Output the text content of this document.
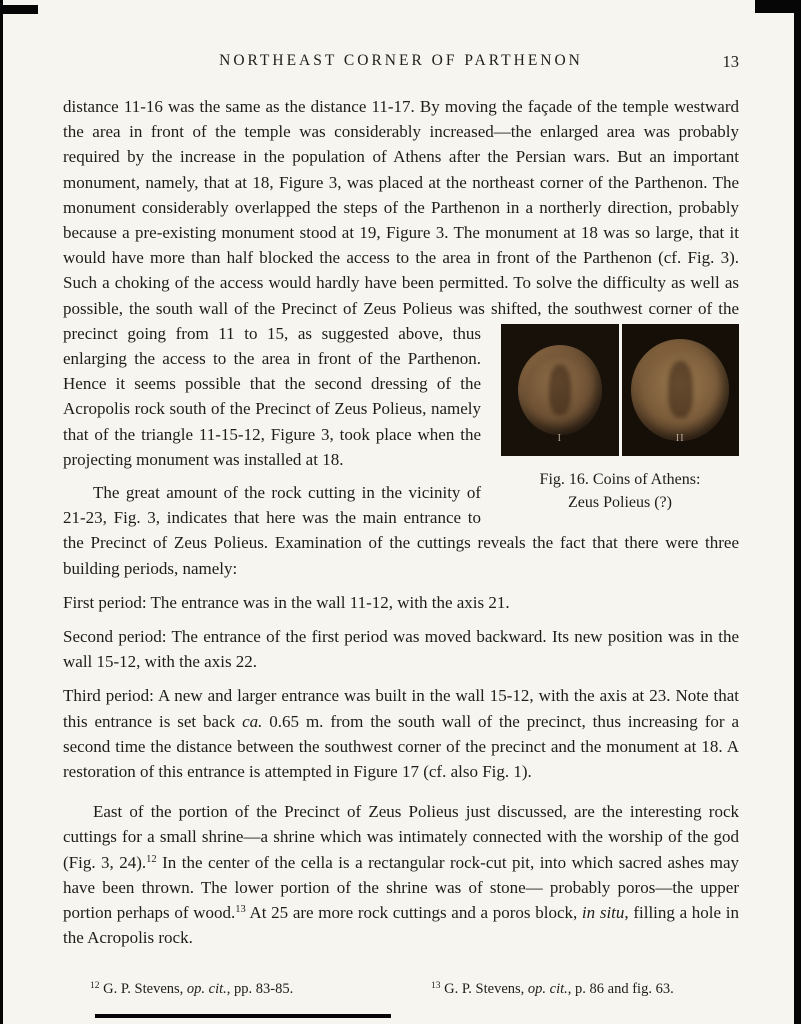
NORTHEAST CORNER OF PARTHENON	13

distance 11-16 was the same as the distance 11-17. By moving the façade of the temple westward the area in front of the temple was considerably increased—the enlarged area was probably required by the increase in the population of Athens after the Persian wars. But an important monument, namely, that at 18, Figure 3, was placed at the northeast corner of the Parthenon. The monument considerably overlapped the steps of the Parthenon in a northerly direction, probably because a pre-existing monument stood at 19, Figure 3. The monument at 18 was so large, that it would have more than half blocked the access to the area in front of the Parthenon (cf. Fig. 3). Such a choking of the access would hardly have been permitted. To solve the difficulty as well as possible, the south wall of the Precinct of Zeus Polieus was shifted, the southwest corner of the precinct going from 11 to 15, as suggested above,
I	II
Fig. 16. Coins of Athens:
Zeus Polieus (?)
thus enlarging the access to the area in front of the Parthenon. Hence it seems possible that the second dressing of the Acropolis rock south of the Precinct of Zeus Polieus, namely that of the triangle 11-15-12, Figure 3, took place when the projecting monument was installed at 18.

The great amount of the rock cutting in the vicinity of 21-23, Fig. 3, indicates that here was the main entrance to the Precinct of Zeus Polieus. Examination of the cuttings reveals the fact that there were three building periods, namely:

First period: The entrance was in the wall 11-12, with the axis 21.

Second period: The entrance of the first period was moved backward. Its new position was in the wall 15-12, with the axis 22.

Third period: A new and larger entrance was built in the wall 15-12, with the axis at 23. Note that this entrance is set back ca. 0.65 m. from the south wall of the precinct, thus increasing for a second time the distance between the southwest corner of the precinct and the monument at 18. A restoration of this entrance is attempted in Figure 17 (cf. also Fig. 1).

East of the portion of the Precinct of Zeus Polieus just discussed, are the interesting rock cuttings for a small shrine—a shrine which was intimately connected with the worship of the god (Fig. 3, 24).$^{12}$ In the center of the cella is a rectangular rock-cut pit, into which sacred ashes may have been thrown. The lower portion of the shrine was of stone— probably poros—the upper portion perhaps of wood.$^{13}$ At 25 are more rock cuttings and a poros block, in situ, filling a hole in the Acropolis rock.

$^{12}$ G. P. Stevens, op. cit., pp. 83-85.	$^{13}$ G. P. Stevens, op. cit., p. 86 and fig. 63.
